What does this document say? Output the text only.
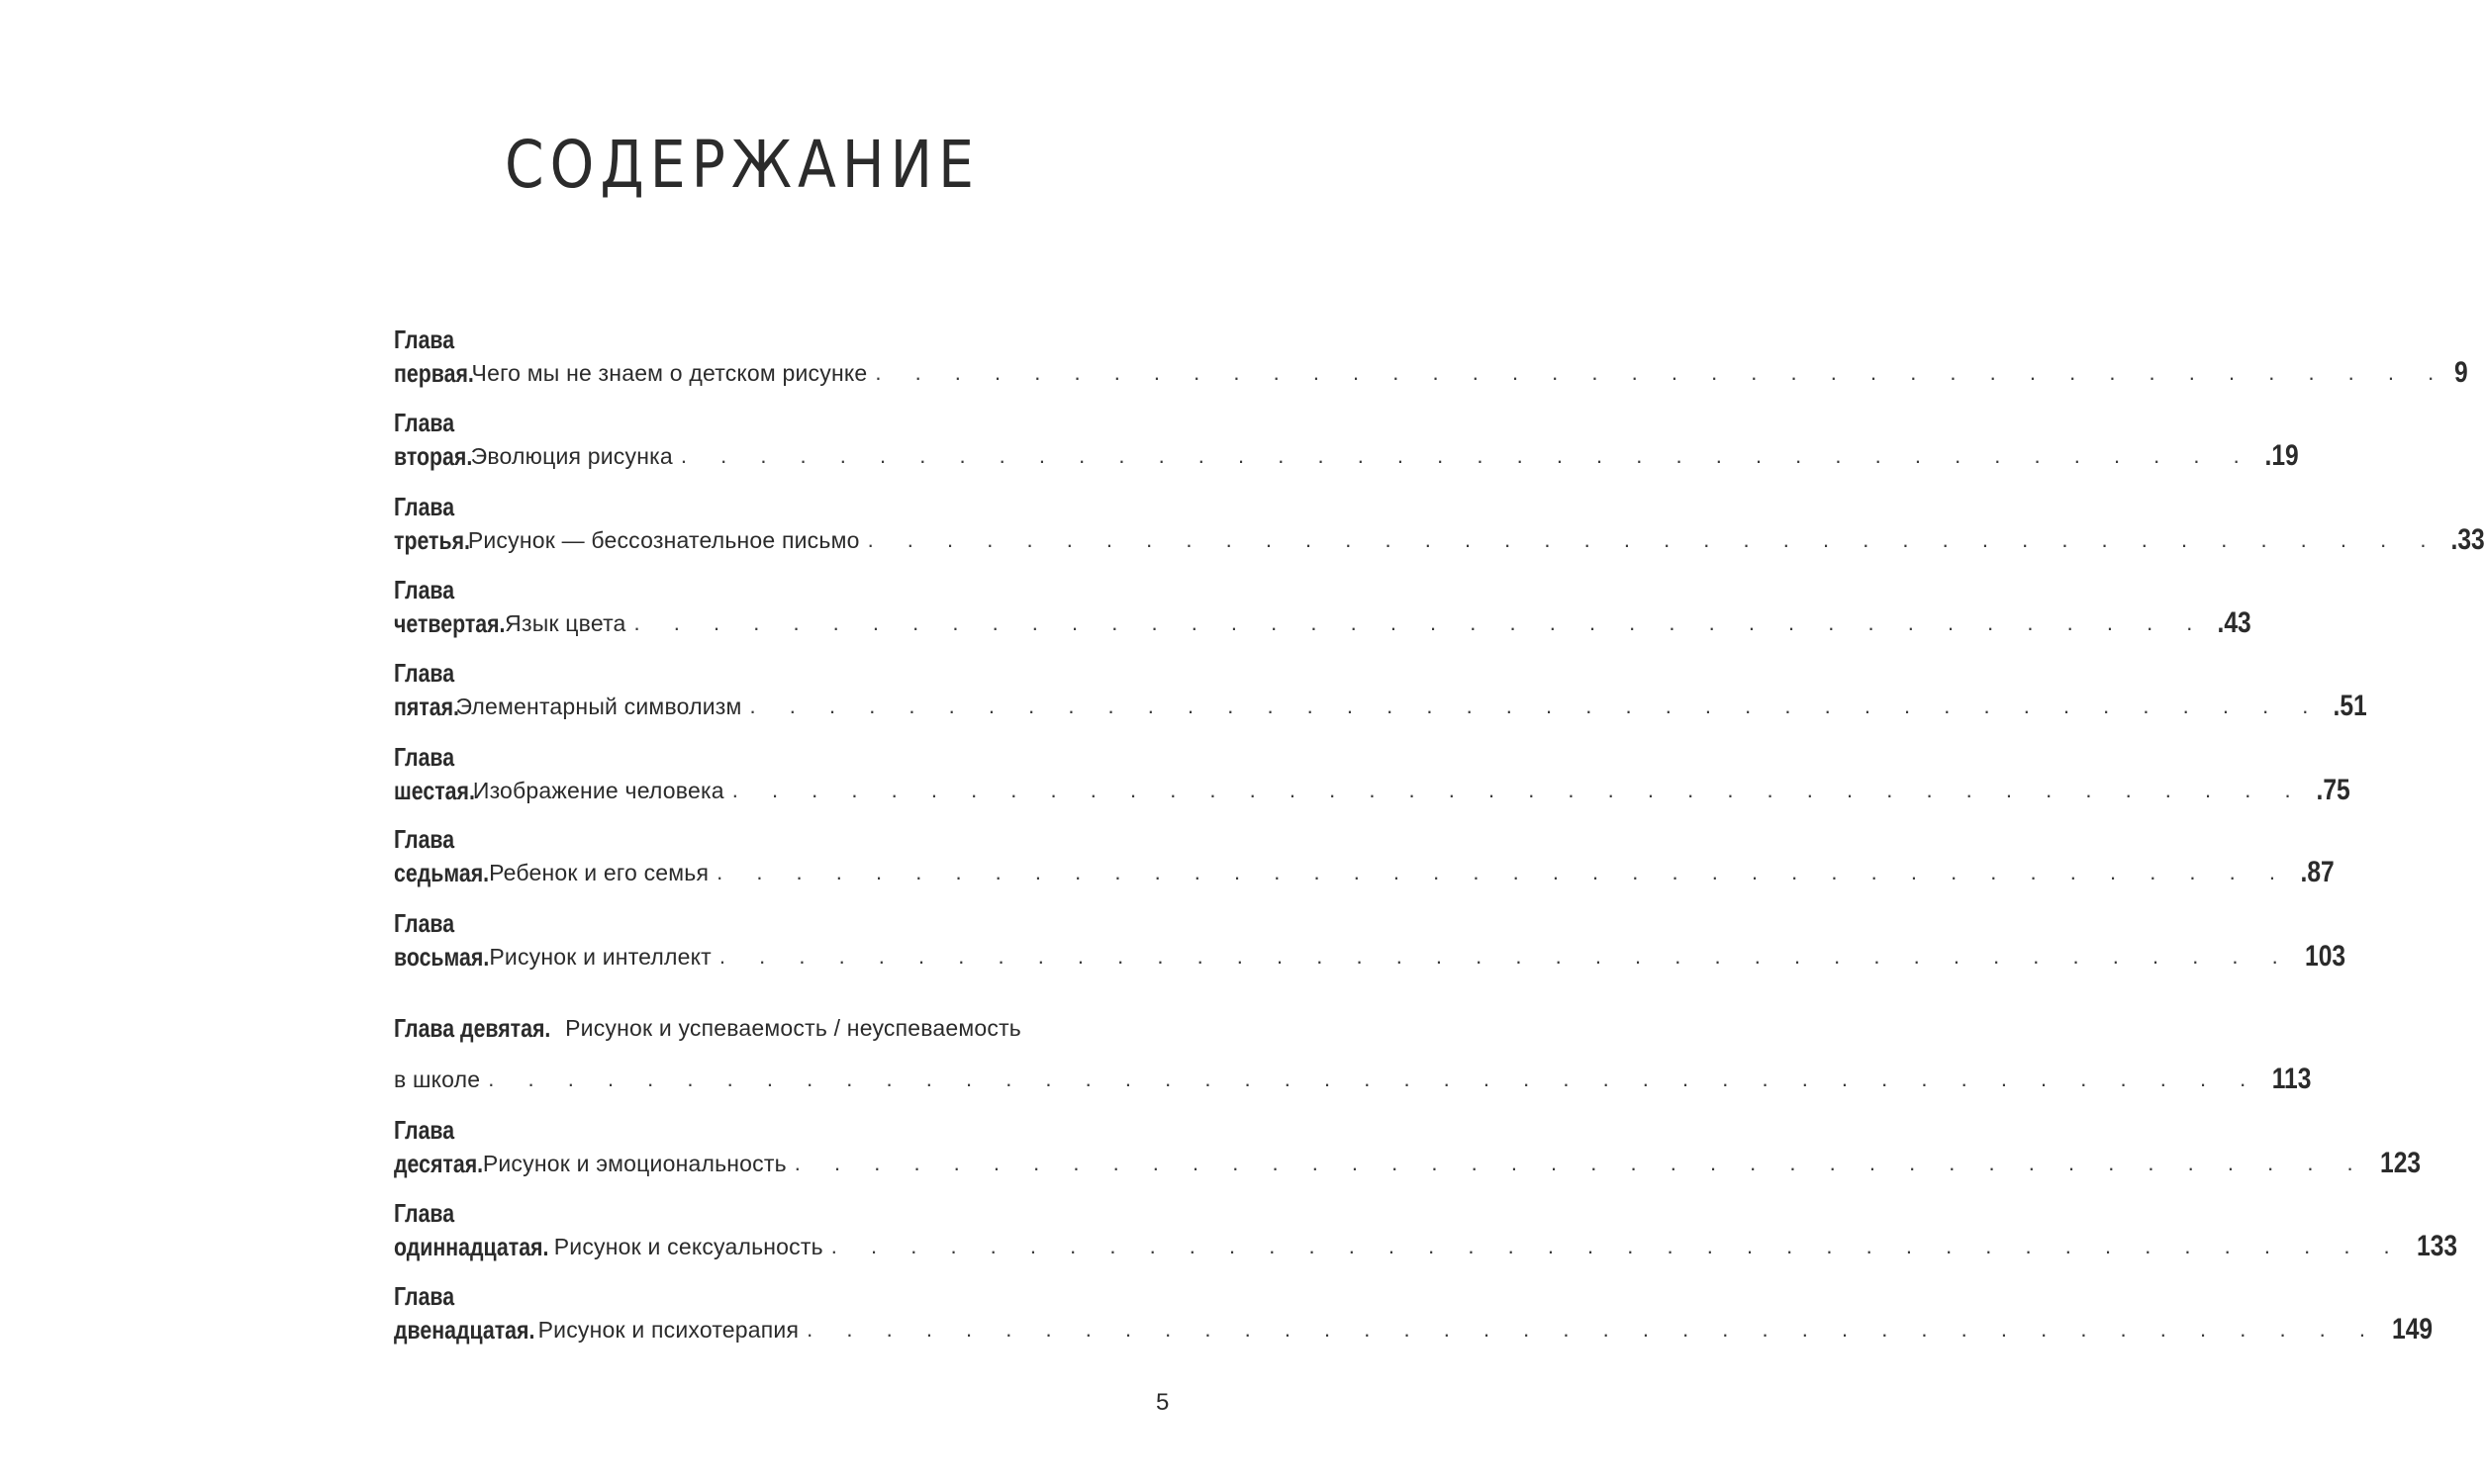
СОДЕРЖАНИЕ
Глава первая.
Чего мы не знаем о детском рисунке . . . . . . . . . . . . . . . . . . . . . . . . . . . . . . . . . . . . . . . . 9
Глава вторая.
Эволюция рисунка . . . . . . . . . . . . . . . . . . . . . . . . . . . . . . . . . . . . . . . . .19
Глава третья.
Рисунок — бессознательное письмо . . . . . . . . . . . . . . . . . . . . . . . . . . . . . . . . . . . . . . . . .33
Глава четвертая. Язык цвета . . . . . . . . . . . . . . . . . . . . . . . . . . . . . . . . . . . . . . . . .43
Глава пятая.
Элементарный символизм . . . . . . . . . . . . . . . . . . . . . . . . . . . . . . . . . . . . . . . . .51
Глава шестая.
Изображение человека . . . . . . . . . . . . . . . . . . . . . . . . . . . . . . . . . . . . . . . . .75
Глава седьмая. Ребенок и его семья . . . . . . . . . . . . . . . . . . . . . . . . . . . . . . . . . . . . . . . . .87
Глава восьмая. Рисунок и интеллект . . . . . . . . . . . . . . . . . . . . . . . . . . . . . . . . . . . . . . . . 103
Глава девятая. Рисунок и успеваемость / неуспеваемость
в школе . . . . . . . . . . . . . . . . . . . . . . . . . . . . . . . . . . . . . . . . . . . . . 113
Глава десятая. Рисунок и эмоциональность . . . . . . . . . . . . . . . . . . . . . . . . . . . . . . . . . . . . . . . . 123
Глава одиннадцатая. Рисунок и сексуальность . . . . . . . . . . . . . . . . . . . . . . . . . . . . . . . . . . . . . . . . 133
Глава двенадцатая. Рисунок и психотерапия . . . . . . . . . . . . . . . . . . . . . . . . . . . . . . . . . . . . . . . . 149
5
